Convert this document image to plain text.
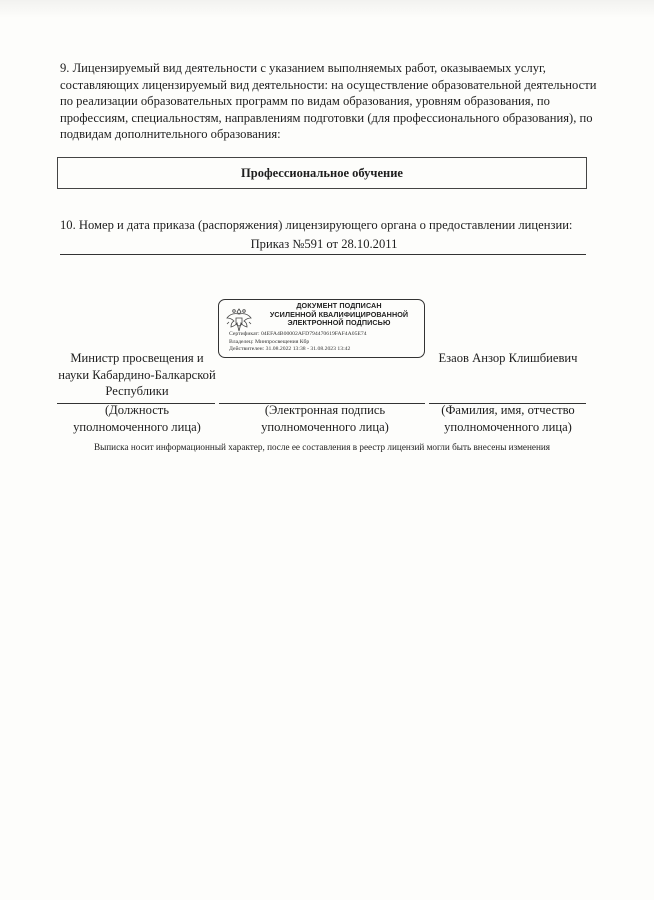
9. Лицензируемый вид деятельности с указанием выполняемых работ, оказываемых услуг,
составляющих лицензируемый вид деятельности: на осуществление образовательной деятельности
по реализации образовательных программ по видам образования, уровням образования, по
профессиям, специальностям, направлениям подготовки (для профессионального образования), по
подвидам дополнительного образования:
Профессиональное обучение
10. Номер и дата приказа (распоряжения) лицензирующего органа о предоставлении лицензии:
Приказ №591 от 28.10.2011
ДОКУМЕНТ ПОДПИСАН
УСИЛЕННОЙ КВАЛИФИЦИРОВАННОЙ
ЭЛЕКТРОННОЙ ПОДПИСЬЮ
Сертификат: 04EFA4B00002AFD794470619FAF4A05E74
Владелец: Минпросвещения Кбр
Действителен: 31.08.2022 13:38 - 31.08.2023 13:42
Министр просвещения и
науки Кабардино-Балкарской
Республики
Езаов Анзор Клишбиевич
(Должность
уполномоченного лица)
(Электронная подпись
уполномоченного лица)
(Фамилия, имя, отчество
уполномоченного лица)
Выписка носит информационный характер, после ее составления в реестр лицензий могли быть внесены изменения
